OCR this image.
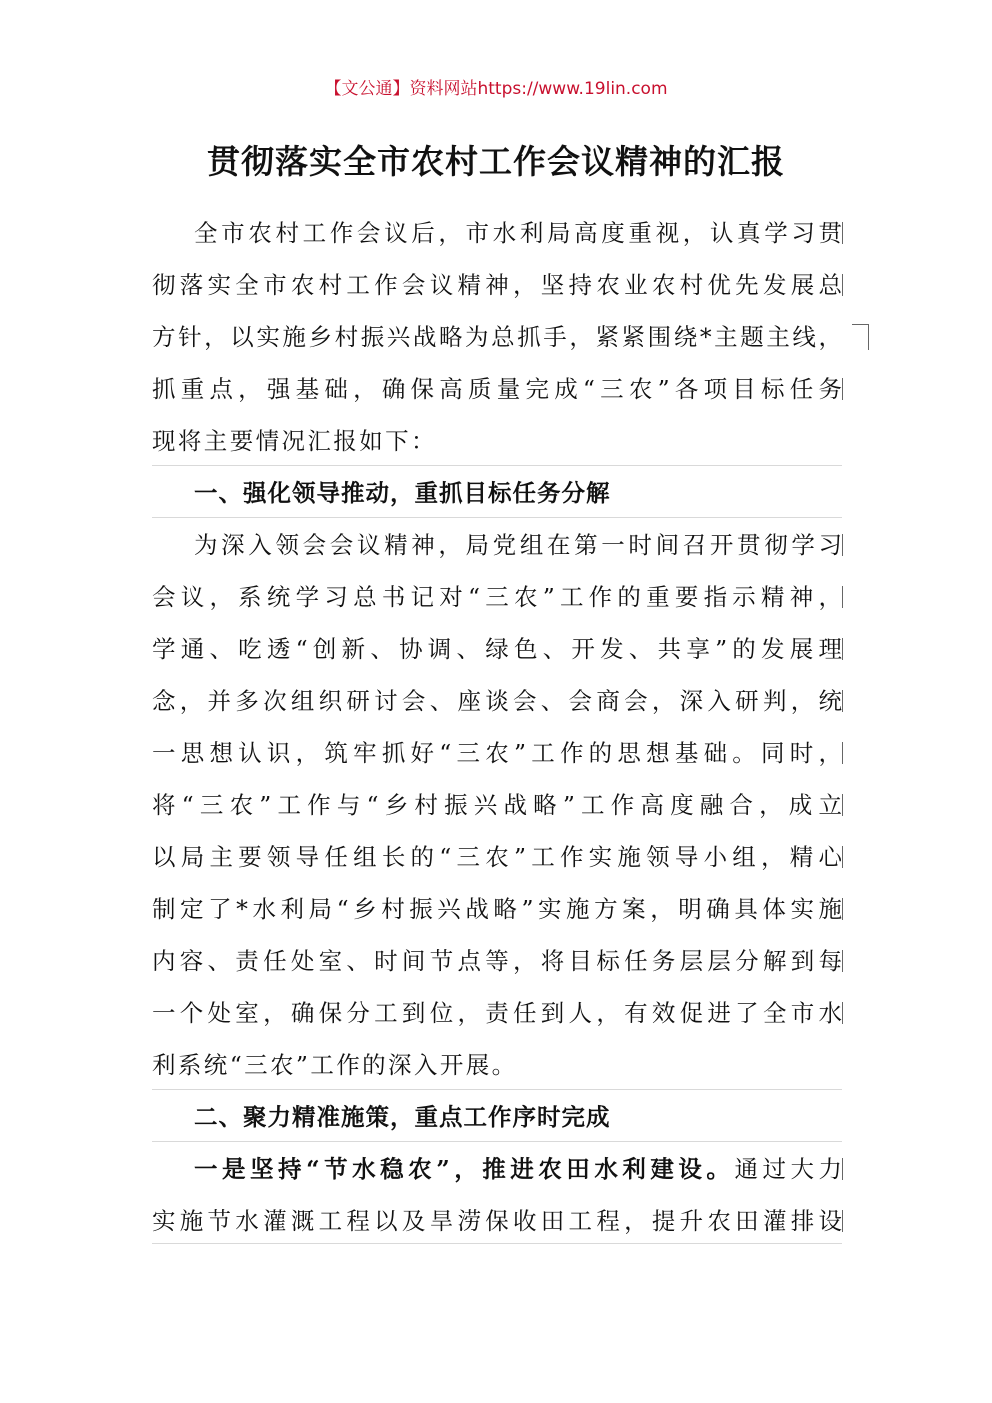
【文公通】资料网站https://www.19lin.com
贯彻落实全市农村工作会议精神的汇报
全市农村工作会议后，市水利局高度重视，认真学习贯
彻落实全市农村工作会议精神，坚持农业农村优先发展总
方针，以实施乡村振兴战略为总抓手，紧紧围绕*主题主线，
抓重点，强基础，确保高质量完成“三农”各项目标任务
现将主要情况汇报如下：
一、强化领导推动，重抓目标任务分解
为深入领会会议精神，局党组在第一时间召开贯彻学习
会议，系统学习总书记对“三农”工作的重要指示精神，
学通、吃透“创新、协调、绿色、开发、共享”的发展理
念，并多次组织研讨会、座谈会、会商会，深入研判，统
一思想认识，筑牢抓好“三农”工作的思想基础。同时，
将“三农”工作与“乡村振兴战略”工作高度融合，成立
以局主要领导任组长的“三农”工作实施领导小组，精心
制定了*水利局“乡村振兴战略”实施方案，明确具体实施
内容、责任处室、时间节点等，将目标任务层层分解到每
一个处室，确保分工到位，责任到人，有效促进了全市水
利系统“三农”工作的深入开展。
二、聚力精准施策，重点工作序时完成
一是坚持“节水稳农”，推进农田水利建设。通过大力
实施节水灌溉工程以及旱涝保收田工程，提升农田灌排设
